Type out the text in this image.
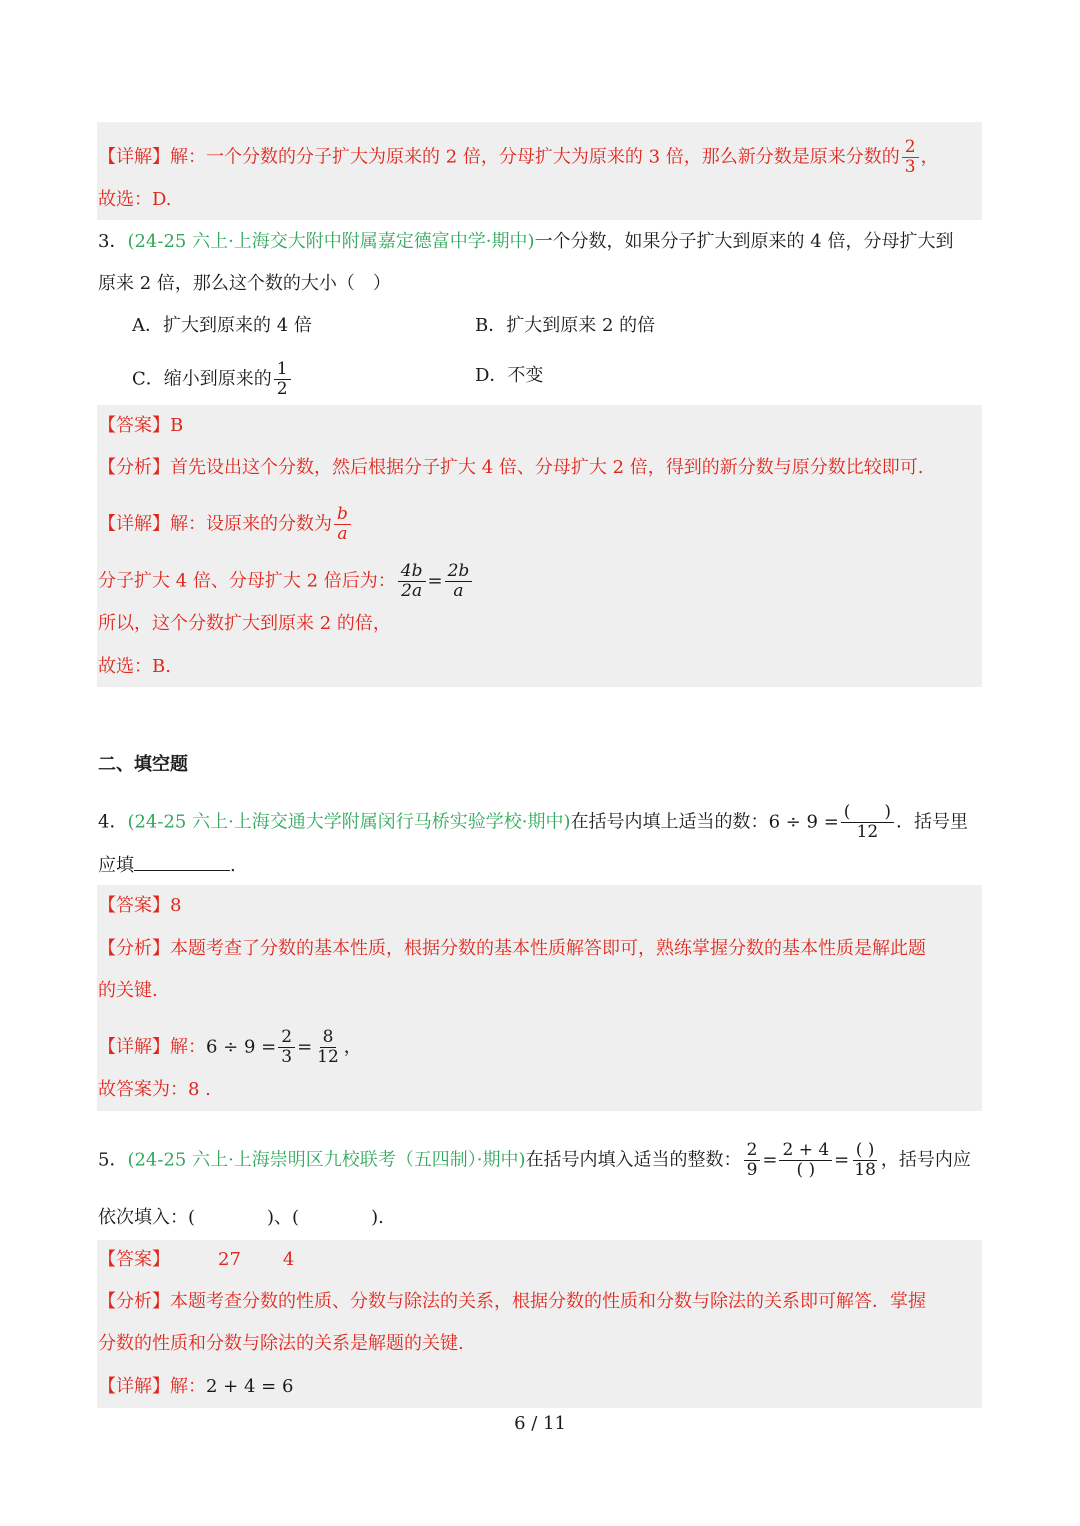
【详解】解：一个分数的分子扩大为原来的 2 倍，分母扩大为原来的 3 倍，那么新分数是原来分数的 $\frac{2}{3}$ ，
故选：D.
3．(24-25 六上·上海交大附中附属嘉定德富中学·期中)一个分数，如果分子扩大到原来的 4 倍，分母扩大到
原来 2 倍，那么这个数的大小（　）
A．扩大到原来的 4 倍	B．扩大到原来 2 的倍
C．缩小到原来的 $\frac{1}{2}$	D．不变
【答案】B
【分析】首先设出这个分数，然后根据分子扩大 4 倍、分母扩大 2 倍，得到的新分数与原分数比较即可.
【详解】解：设原来的分数为 $\frac{b}{a}$
分子扩大 4 倍、分母扩大 2 倍后为： $\frac{4b}{2a} = \frac{2b}{a}$
所以，这个分数扩大到原来 2 的倍，
故选：B.
二、填空题
4．(24-25 六上·上海交通大学附属闵行马桥实验学校·期中)在括号内填上适当的数：$6 \div 9 = \frac{( )}{12}$ ．括号里
应填	.
【答案】8
【分析】本题考查了分数的基本性质，根据分数的基本性质解答即可，熟练掌握分数的基本性质是解此题
的关键.
【详解】解：$6 \div 9 = \frac{2}{3} = \frac{8}{12}$ ，
故答案为：8 .
5．(24-25 六上·上海崇明区九校联考（五四制）·期中)在括号内填入适当的整数： $\frac{2}{9} = \frac{2 + 4}{( )} = \frac{( )}{18}$ ，括号内应
依次填入：(　　　　)、(　　　　).
【答案】	27 4
【分析】本题考查分数的性质、分数与除法的关系，根据分数的性质和分数与除法的关系即可解答．掌握
分数的性质和分数与除法的关系是解题的关键.
【详解】解：2 + 4 = 6
6 / 11
